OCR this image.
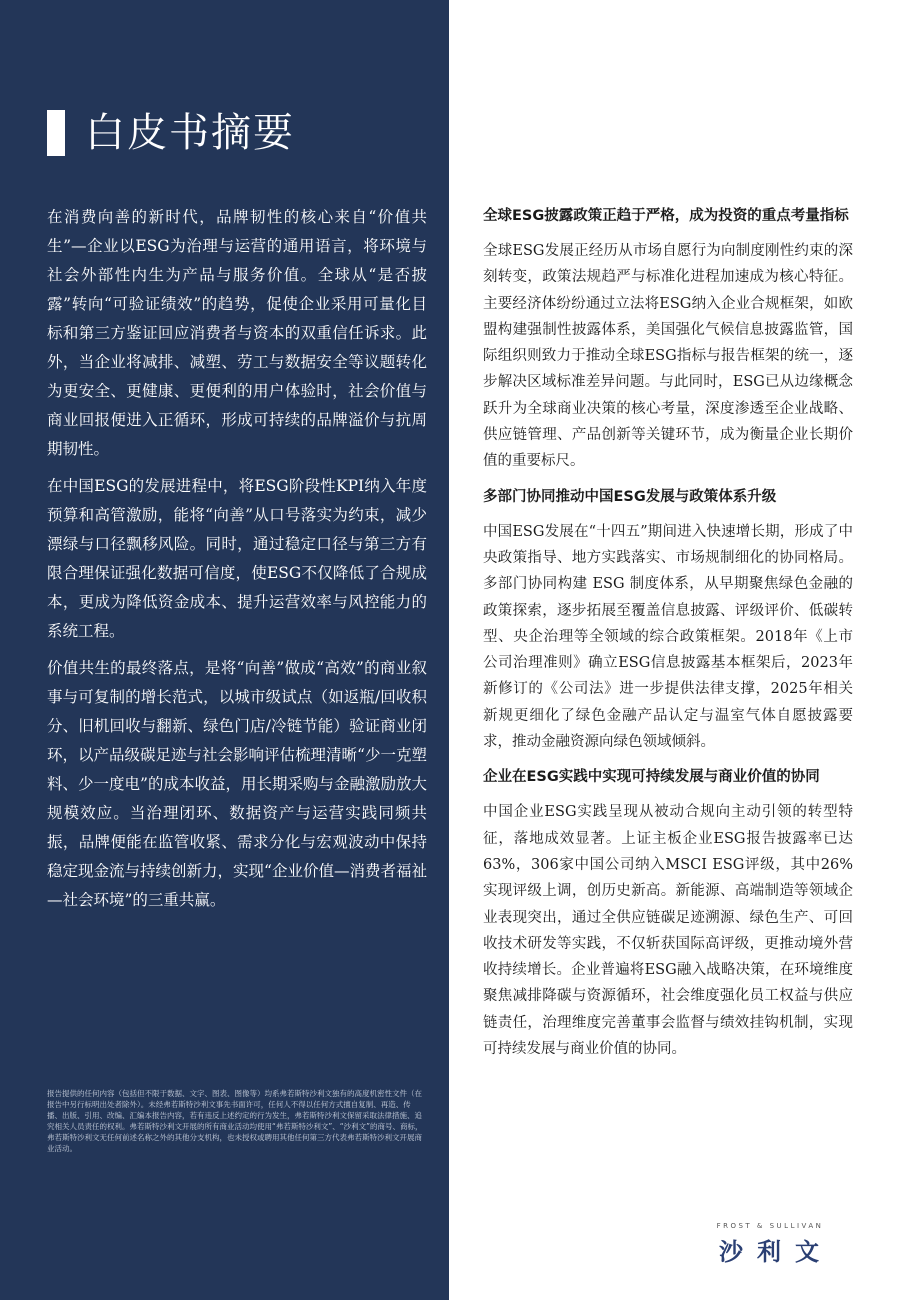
白皮书摘要

在消费向善的新时代，品牌韧性的核心来自“价值共生”—企业以ESG为治理与运营的通用语言，将环境与社会外部性内生为产品与服务价值。全球从“是否披露”转向“可验证绩效”的趋势，促使企业采用可量化目标和第三方鉴证回应消费者与资本的双重信任诉求。此外，当企业将减排、减塑、劳工与数据安全等议题转化为更安全、更健康、更便利的用户体验时，社会价值与商业回报便进入正循环，形成可持续的品牌溢价与抗周期韧性。

在中国ESG的发展进程中，将ESG阶段性KPI纳入年度预算和高管激励，能将“向善”从口号落实为约束，减少漂绿与口径飘移风险。同时，通过稳定口径与第三方有限合理保证强化数据可信度，使ESG不仅降低了合规成本，更成为降低资金成本、提升运营效率与风控能力的系统工程。

价值共生的最终落点，是将“向善”做成“高效”的商业叙事与可复制的增长范式，以城市级试点（如返瓶/回收积分、旧机回收与翻新、绿色门店/冷链节能）验证商业闭环，以产品级碳足迹与社会影响评估梳理清晰“少一克塑料、少一度电”的成本收益，用长期采购与金融激励放大规模效应。当治理闭环、数据资产与运营实践同频共振，品牌便能在监管收紧、需求分化与宏观波动中保持稳定现金流与持续创新力，实现“企业价值—消费者福祉—社会环境”的三重共赢。

报告提供的任何内容（包括但不限于数据、文字、图表、图像等）均系弗若斯特沙利文独有的高度机密性文件（在报告中另行标明出处者除外）。未经弗若斯特沙利文事先书面许可，任何人不得以任何方式擅自复制、再造、传播、出版、引用、改编、汇编本报告内容，若有违反上述约定的行为发生，弗若斯特沙利文保留采取法律措施、追究相关人员责任的权利。弗若斯特沙利文开展的所有商业活动均使用“弗若斯特沙利文”、“沙利文”的商号、商标，弗若斯特沙利文无任何前述名称之外的其他分支机构，也未授权或聘用其他任何第三方代表弗若斯特沙利文开展商业活动。
全球ESG披露政策正趋于严格，成为投资的重点考量指标
全球ESG发展正经历从市场自愿行为向制度刚性约束的深刻转变，政策法规趋严与标准化进程加速成为核心特征。主要经济体纷纷通过立法将ESG纳入企业合规框架，如欧盟构建强制性披露体系，美国强化气候信息披露监管，国际组织则致力于推动全球ESG指标与报告框架的统一，逐步解决区域标准差异问题。与此同时，ESG已从边缘概念跃升为全球商业决策的核心考量，深度渗透至企业战略、供应链管理、产品创新等关键环节，成为衡量企业长期价值的重要标尺。
多部门协同推动中国ESG发展与政策体系升级
中国ESG发展在“十四五”期间进入快速增长期，形成了中央政策指导、地方实践落实、市场规制细化的协同格局。多部门协同构建 ESG 制度体系，从早期聚焦绿色金融的政策探索，逐步拓展至覆盖信息披露、评级评价、低碳转型、央企治理等全领域的综合政策框架。2018年《上市公司治理准则》确立ESG信息披露基本框架后，2023年新修订的《公司法》进一步提供法律支撑，2025年相关新规更细化了绿色金融产品认定与温室气体自愿披露要求，推动金融资源向绿色领域倾斜。
企业在ESG实践中实现可持续发展与商业价值的协同
中国企业ESG实践呈现从被动合规向主动引领的转型特征，落地成效显著。上证主板企业ESG报告披露率已达63%，306家中国公司纳入MSCI ESG评级，其中26%实现评级上调，创历史新高。新能源、高端制造等领域企业表现突出，通过全供应链碳足迹溯源、绿色生产、可回收技术研发等实践，不仅斩获国际高评级，更推动境外营收持续增长。企业普遍将ESG融入战略决策，在环境维度聚焦减排降碳与资源循环，社会维度强化员工权益与供应链责任，治理维度完善董事会监督与绩效挂钩机制，实现可持续发展与商业价值的协同。
FROST & SULLIVAN
沙利文
